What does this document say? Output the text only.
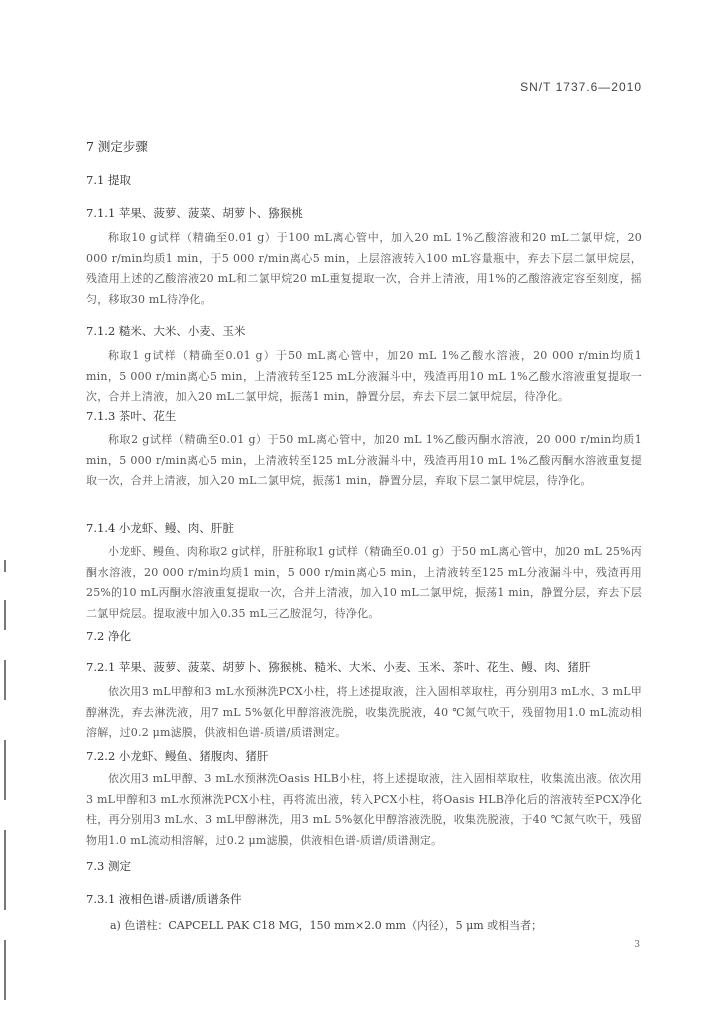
SN/T 1737.6—2010
7 测定步骤
7.1 提取
7.1.1 苹果、菠萝、菠菜、胡萝卜、猕猴桃
称取10 g试样（精确至0.01 g）于100 mL离心管中，加入20 mL 1%乙酸溶液和20 mL二氯甲烷，20 000 r/min均质1 min，于5 000 r/min离心5 min，上层溶液转入100 mL容量瓶中，弃去下层二氯甲烷层，残渣用上述的乙酸溶液20 mL和二氯甲烷20 mL重复提取一次，合并上清液，用1%的乙酸溶液定容至刻度，摇匀，移取30 mL待净化。
7.1.2 糙米、大米、小麦、玉米
称取1 g试样（精确至0.01 g）于50 mL离心管中，加20 mL 1%乙酸水溶液，20 000 r/min均质1 min，5 000 r/min离心5 min，上清液转至125 mL分液漏斗中，残渣再用10 mL 1%乙酸水溶液重复提取一次，合并上清液，加入20 mL二氯甲烷，振荡1 min，静置分层，弃去下层二氯甲烷层，待净化。
7.1.3 茶叶、花生
称取2 g试样（精确至0.01 g）于50 mL离心管中，加20 mL 1%乙酸丙酮水溶液，20 000 r/min均质1 min，5 000 r/min离心5 min，上清液转至125 mL分液漏斗中，残渣再用10 mL 1%乙酸丙酮水溶液重复提取一次，合并上清液，加入20 mL二氯甲烷，振荡1 min，静置分层，弃取下层二氯甲烷层，待净化。
7.1.4 小龙虾、鳗、肉、肝脏
小龙虾、鳗鱼、肉称取2 g试样，肝脏称取1 g试样（精确至0.01 g）于50 mL离心管中，加20 mL 25%丙酮水溶液，20 000 r/min均质1 min，5 000 r/min离心5 min，上清液转至125 mL分液漏斗中，残渣再用25%的10 mL丙酮水溶液重复提取一次，合并上清液，加入10 mL二氯甲烷，振荡1 min，静置分层，弃去下层二氯甲烷层。提取液中加入0.35 mL三乙胺混匀，待净化。
7.2 净化
7.2.1 苹果、菠萝、菠菜、胡萝卜、猕猴桃、糙米、大米、小麦、玉米、茶叶、花生、鳗、肉、猪肝
依次用3 mL甲醇和3 mL水预淋洗PCX小柱，将上述提取液，注入固相萃取柱，再分别用3 mL水、3 mL甲醇淋洗，弃去淋洗液，用7 mL 5%氨化甲醇溶液洗脱，收集洗脱液，40 ℃氮气吹干，残留物用1.0 mL流动相溶解，过0.2 μm滤膜，供液相色谱-质谱/质谱测定。
7.2.2 小龙虾、鳗鱼、猪腹肉、猪肝
依次用3 mL甲醇、3 mL水预淋洗Oasis HLB小柱，将上述提取液，注入固相萃取柱，收集流出液。依次用3 mL甲醇和3 mL水预淋洗PCX小柱，再将流出液，转入PCX小柱，将Oasis HLB净化后的溶液转至PCX净化柱，再分别用3 mL水、3 mL甲醇淋洗，用3 mL 5%氨化甲醇溶液洗脱，收集洗脱液，于40 ℃氮气吹干，残留物用1.0 mL流动相溶解，过0.2 μm滤膜，供液相色谱-质谱/质谱测定。
7.3 测定
7.3.1 液相色谱-质谱/质谱条件
a) 色谱柱：CAPCELL PAK C18 MG，150 mm×2.0 mm（内径），5 μm 或相当者；
3
